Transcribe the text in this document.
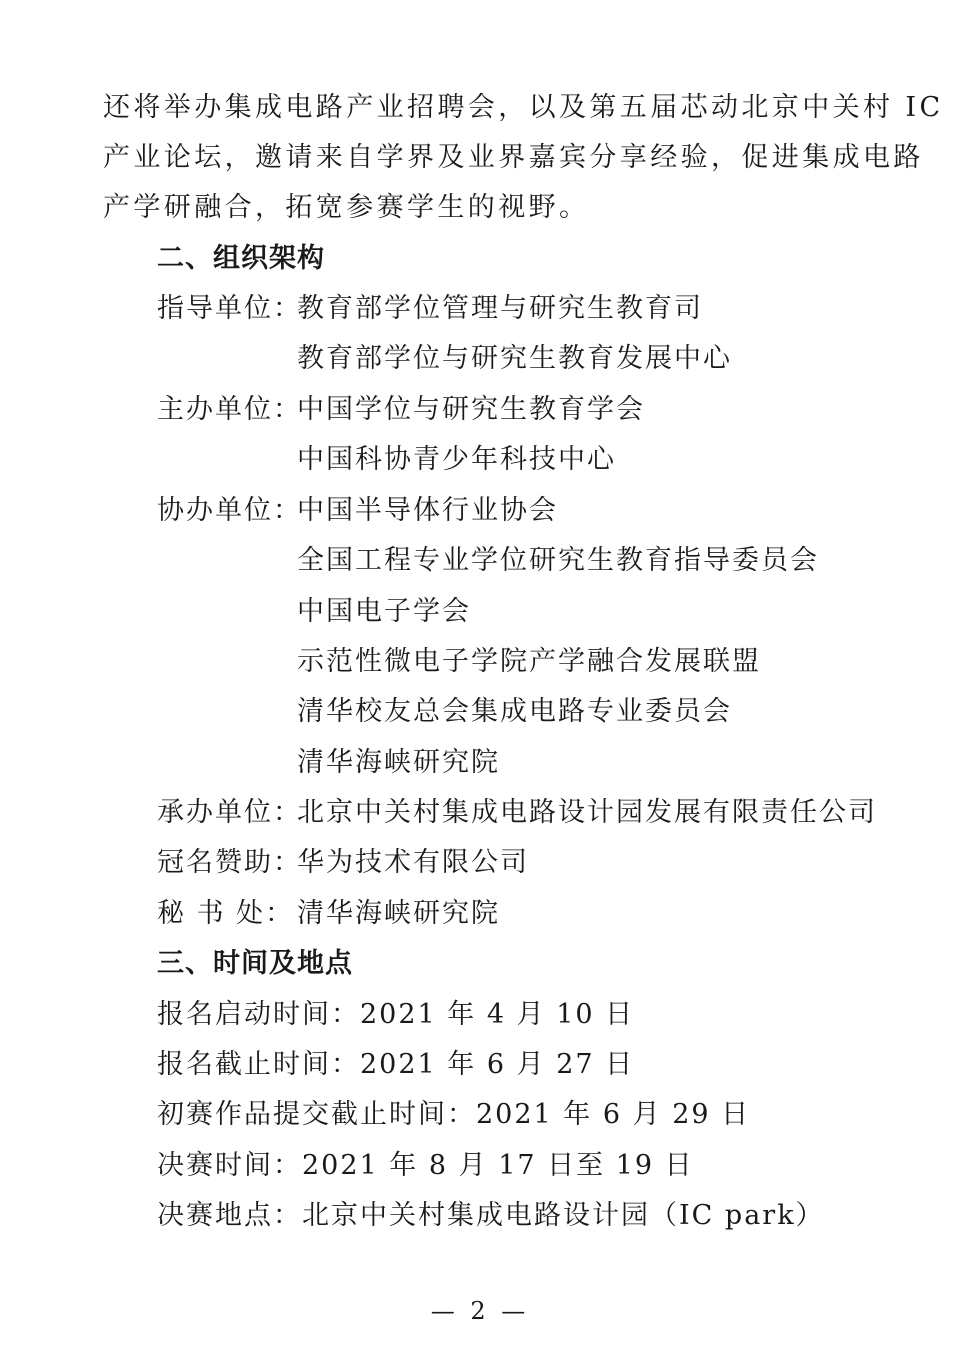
还将举办集成电路产业招聘会，以及第五届芯动北京中关村 IC
产业论坛，邀请来自学界及业界嘉宾分享经验，促进集成电路
产学研融合，拓宽参赛学生的视野。
二、组织架构
指导单位：
教育部学位管理与研究生教育司
教育部学位与研究生教育发展中心
主办单位：
中国学位与研究生教育学会
中国科协青少年科技中心
协办单位：
中国半导体行业协会
全国工程专业学位研究生教育指导委员会
中国电子学会
示范性微电子学院产学融合发展联盟
清华校友总会集成电路专业委员会
清华海峡研究院
承办单位：
北京中关村集成电路设计园发展有限责任公司
冠名赞助：
华为技术有限公司
秘 书 处： 清华海峡研究院
三、时间及地点
报名启动时间：2021 年 4 月 10 日
报名截止时间：2021 年 6 月 27 日
初赛作品提交截止时间：2021 年 6 月 29 日
决赛时间：2021 年 8 月 17 日至 19 日
决赛地点：北京中关村集成电路设计园（IC park）
— 2 —
